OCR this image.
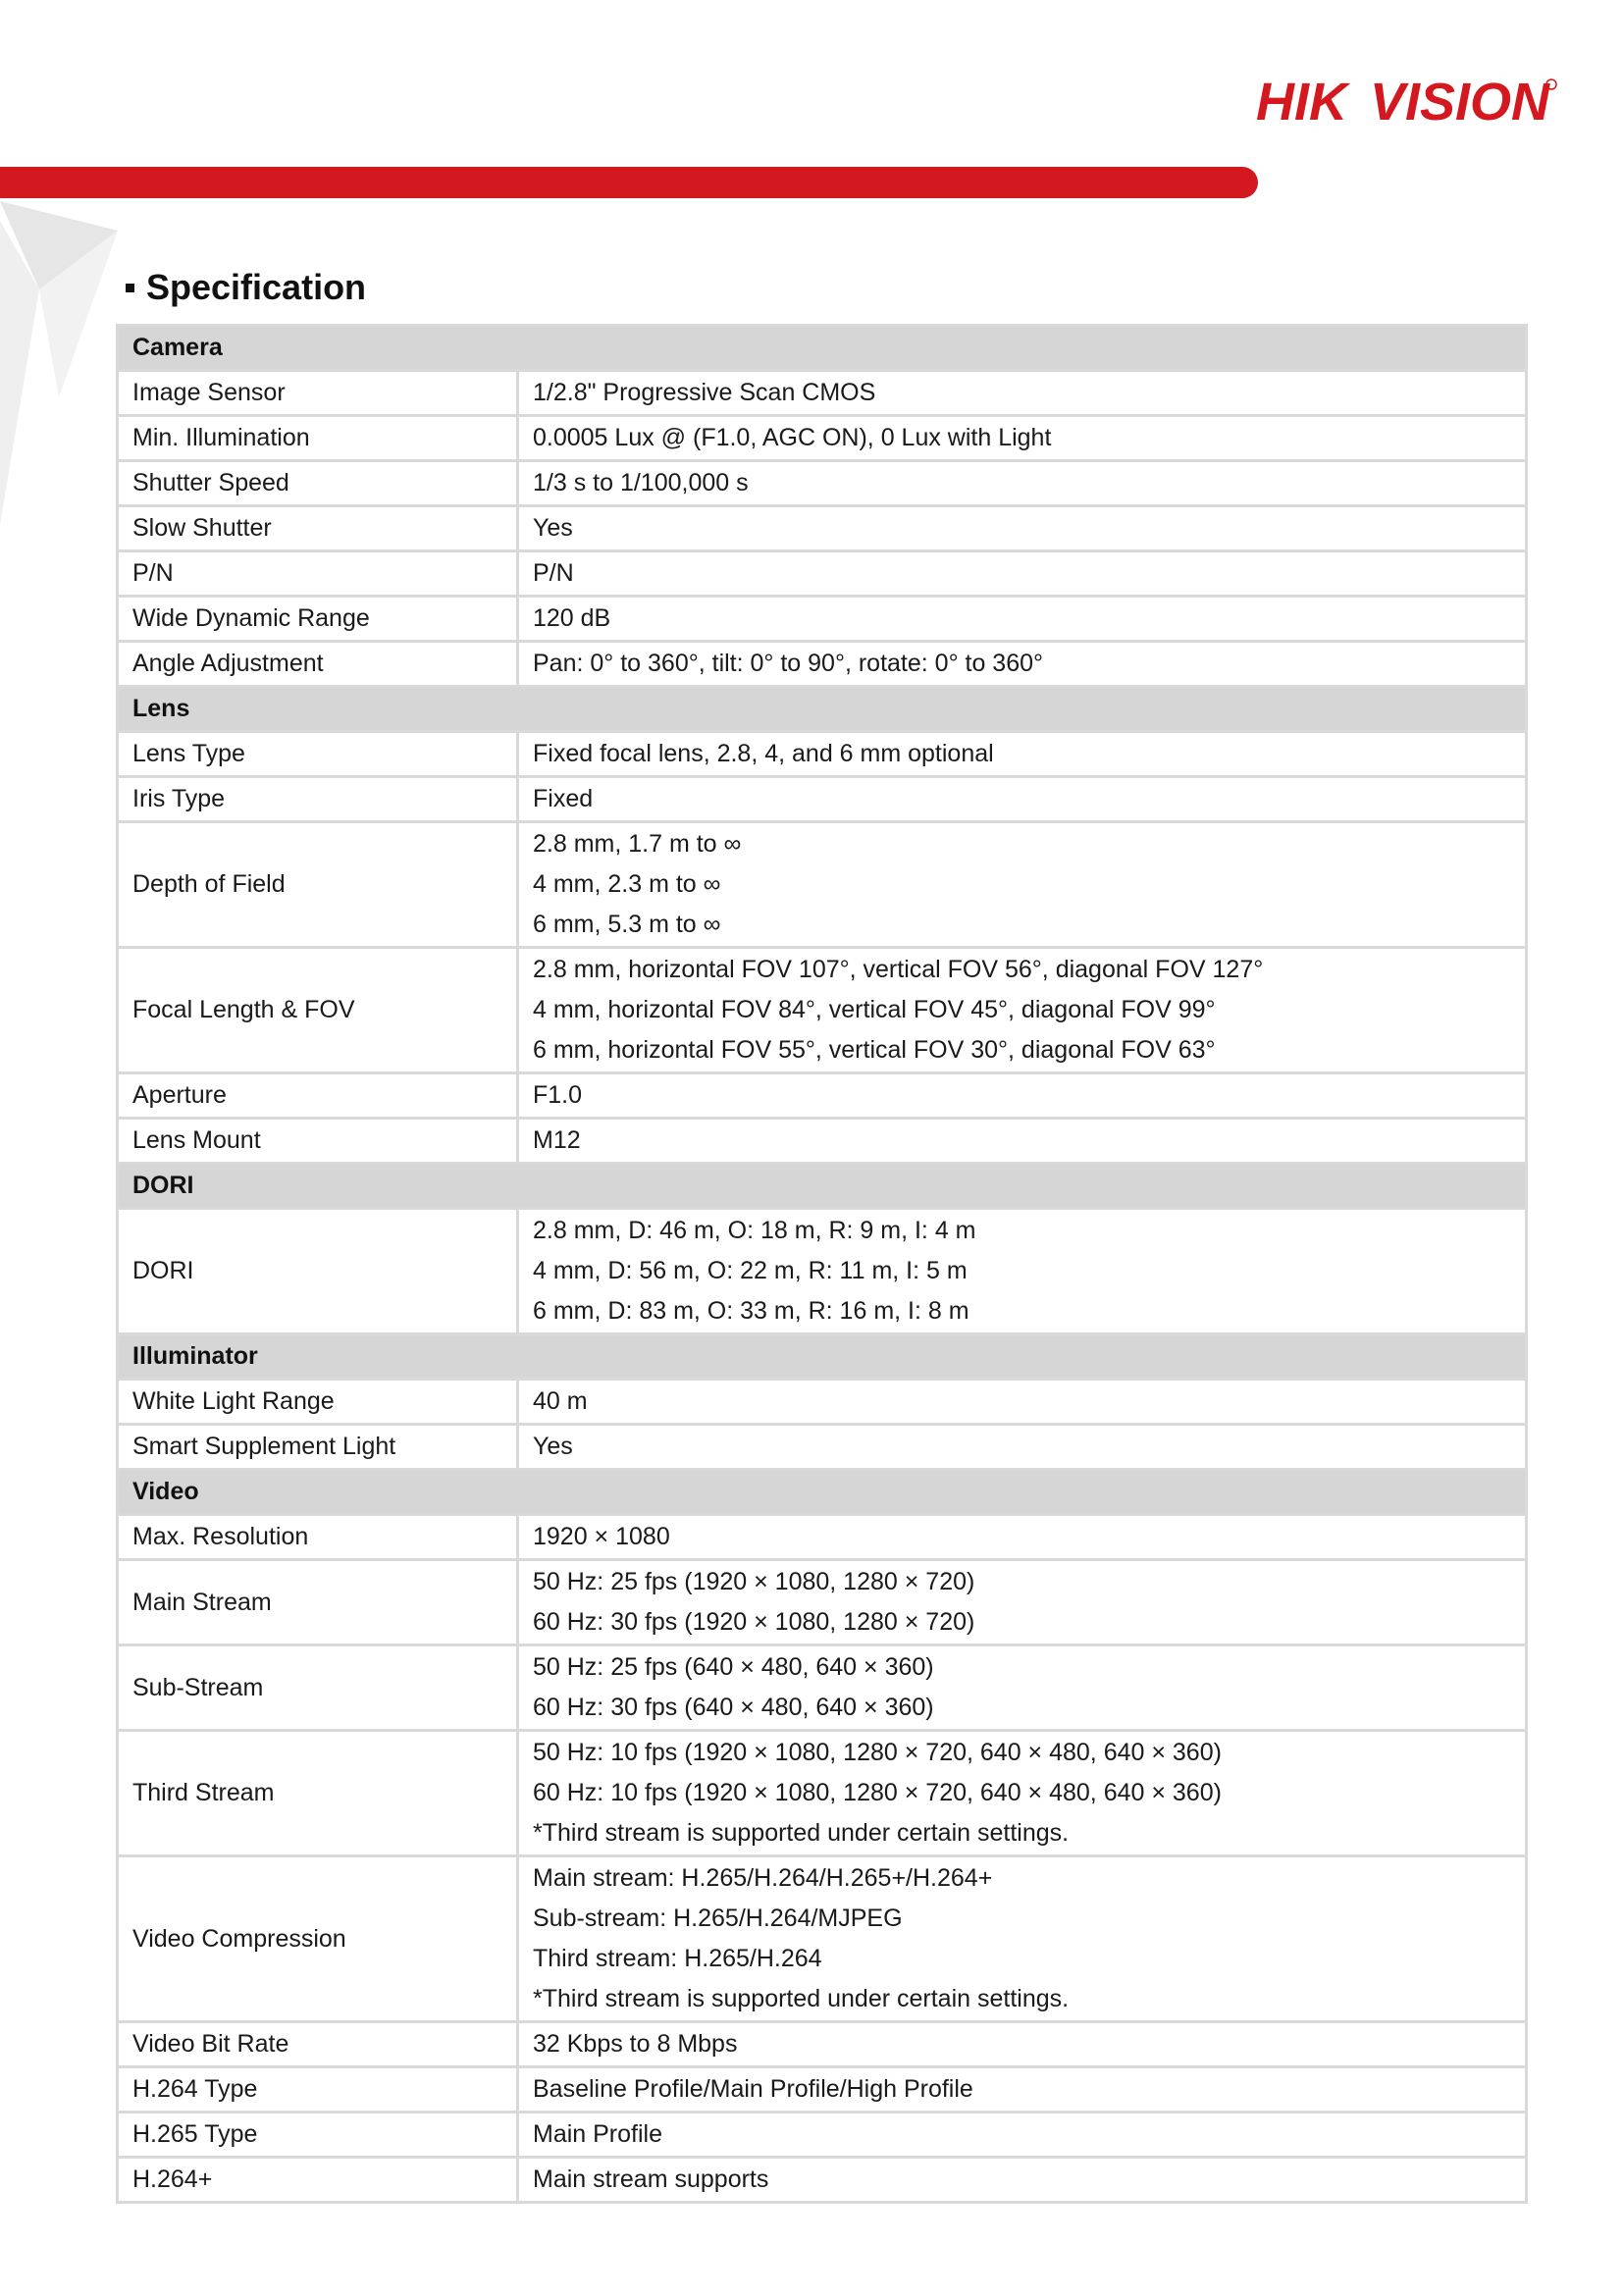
HIK VISION
Specification
Camera	
Image Sensor	1/2.8" Progressive Scan CMOS

Min. Illumination	0.0005 Lux @ (F1.0, AGC ON), 0 Lux with Light

Shutter Speed	1/3 s to 1/100,000 s

Slow Shutter	Yes

P/N	P/N

Wide Dynamic Range	120 dB

Angle Adjustment	Pan: 0° to 360°, tilt: 0° to 90°, rotate: 0° to 360°

Lens	
Lens Type	Fixed focal lens, 2.8, 4, and 6 mm optional

Iris Type	Fixed

Depth of Field	2.8 mm, 1.7 m to ∞
4 mm, 2.3 m to ∞
6 mm, 5.3 m to ∞

Focal Length & FOV	2.8 mm, horizontal FOV 107°, vertical FOV 56°, diagonal FOV 127°
4 mm, horizontal FOV 84°, vertical FOV 45°, diagonal FOV 99°
6 mm, horizontal FOV 55°, vertical FOV 30°, diagonal FOV 63°

Aperture	F1.0

Lens Mount	M12

DORI	
DORI	2.8 mm, D: 46 m, O: 18 m, R: 9 m, I: 4 m
4 mm, D: 56 m, O: 22 m, R: 11 m, I: 5 m
6 mm, D: 83 m, O: 33 m, R: 16 m, I: 8 m

Illuminator	
White Light Range	40 m

Smart Supplement Light	Yes

Video	
Max. Resolution	1920 × 1080

Main Stream	50 Hz: 25 fps (1920 × 1080, 1280 × 720)
60 Hz: 30 fps (1920 × 1080, 1280 × 720)

Sub-Stream	50 Hz: 25 fps (640 × 480, 640 × 360)
60 Hz: 30 fps (640 × 480, 640 × 360)

Third Stream	50 Hz: 10 fps (1920 × 1080, 1280 × 720, 640 × 480, 640 × 360)
60 Hz: 10 fps (1920 × 1080, 1280 × 720, 640 × 480, 640 × 360)
*Third stream is supported under certain settings.

Video Compression	Main stream: H.265/H.264/H.265+/H.264+
Sub-stream: H.265/H.264/MJPEG
Third stream: H.265/H.264
*Third stream is supported under certain settings.

Video Bit Rate	32 Kbps to 8 Mbps

H.264 Type	Baseline Profile/Main Profile/High Profile

H.265 Type	Main Profile

H.264+	Main stream supports
